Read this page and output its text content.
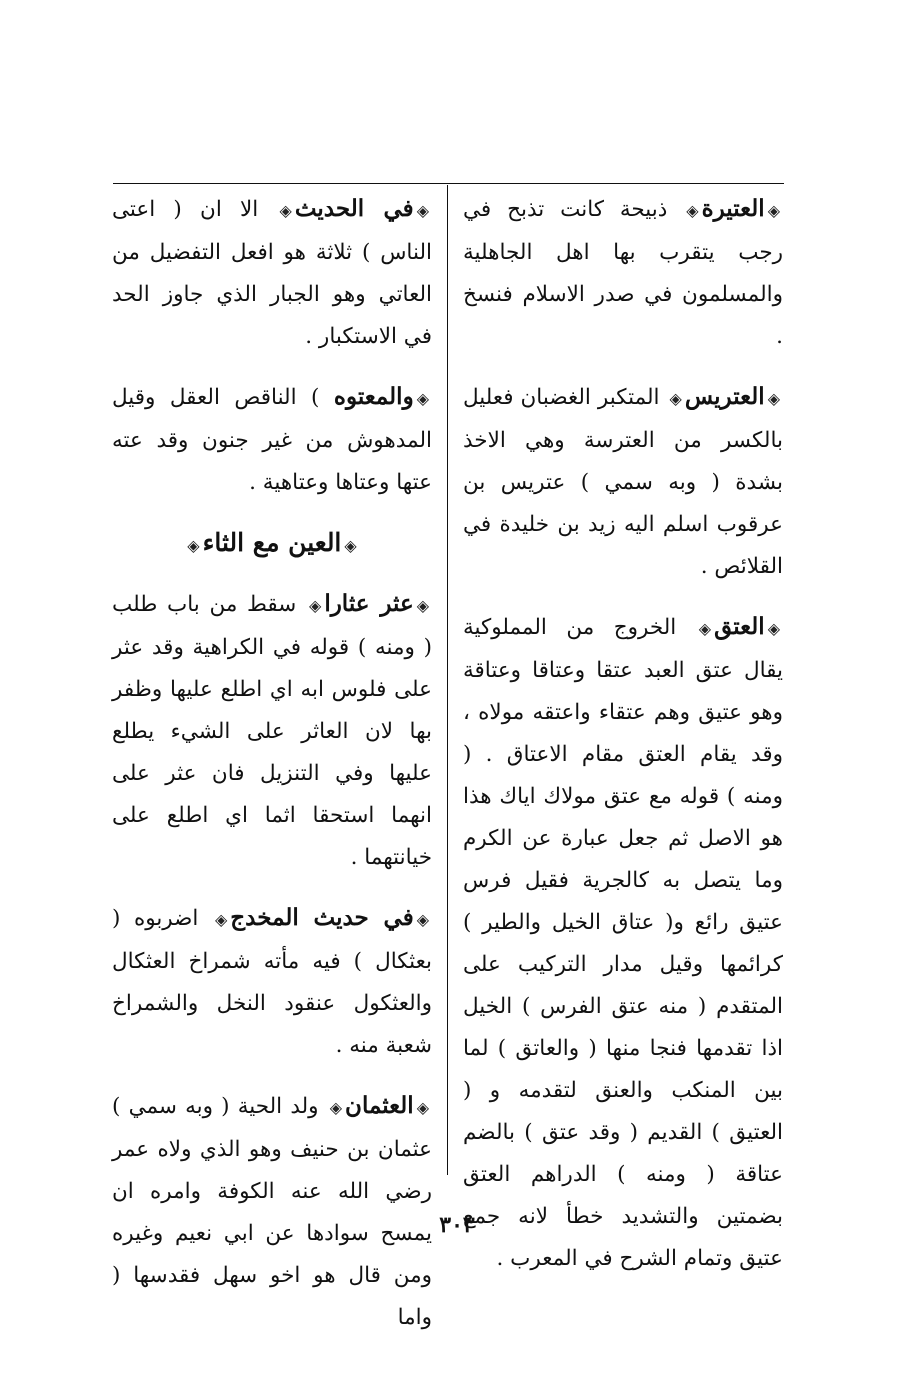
◈العتيرة◈ ذبيحة كانت تذبح في رجب يتقرب بها اهل الجاهلية والمسلمون في صدر الاسلام فنسخ .

◈العتريس◈ المتكبر الغضبان فعليل بالكسر من العترسة وهي الاخذ بشدة ( وبه سمي ) عتريس بن عرقوب اسلم اليه زيد بن خليدة في القلائص .

◈العتق◈ الخروج من المملوكية يقال عتق العبد عتقا وعتاقا وعتاقة وهو عتيق وهم عتقاء واعتقه مولاه ، وقد يقام العتق مقام الاعتاق . ( ومنه ) قوله مع عتق مولاك اياك هذا هو الاصل ثم جعل عبارة عن الكرم وما يتصل به كالجرية فقيل فرس عتيق رائع و( عتاق الخيل والطير ) كرائمها وقيل مدار التركيب على المتقدم ( منه عتق الفرس ) الخيل اذا تقدمها فنجا منها ( والعاتق ) لما بين المنكب والعنق لتقدمه و ( العتيق ) القديم ( وقد عتق ) بالضم عتاقة ( ومنه ) الدراهم العتق بضمتين والتشديد خطأ لانه جمع عتيق وتمام الشرح في المعرب .

◈في الحديث◈ الا ان ( اعتى الناس ) ثلاثة هو افعل التفضيل من العاتي وهو الجبار الذي جاوز الحد في الاستكبار .

◈والمعتوه ) الناقص العقل وقيل المدهوش من غير جنون وقد عته عتها وعتاها وعتاهية .

◈العين مع الثاء◈

◈عثر عثارا◈ سقط من باب طلب ( ومنه ) قوله في الكراهية وقد عثر على فلوس ابه اي اطلع عليها وظفر بها لان العاثر على الشيء يطلع عليها وفي التنزيل فان عثر على انهما استحقا اثما اي اطلع على خيانتهما .

◈في حديث المخدج◈ اضربوه ( بعثكال ) فيه مأته شمراخ العثكال والعثكول عنقود النخل والشمراخ شعبة منه .

◈العثمان◈ ولد الحية ( وبه سمي ) عثمان بن حنيف وهو الذي ولاه عمر رضي الله عنه الكوفة وامره ان يمسح سوادها عن ابي نعيم وغيره ومن قال هو اخو سهل فقدسها ( واما

٣٠٣
